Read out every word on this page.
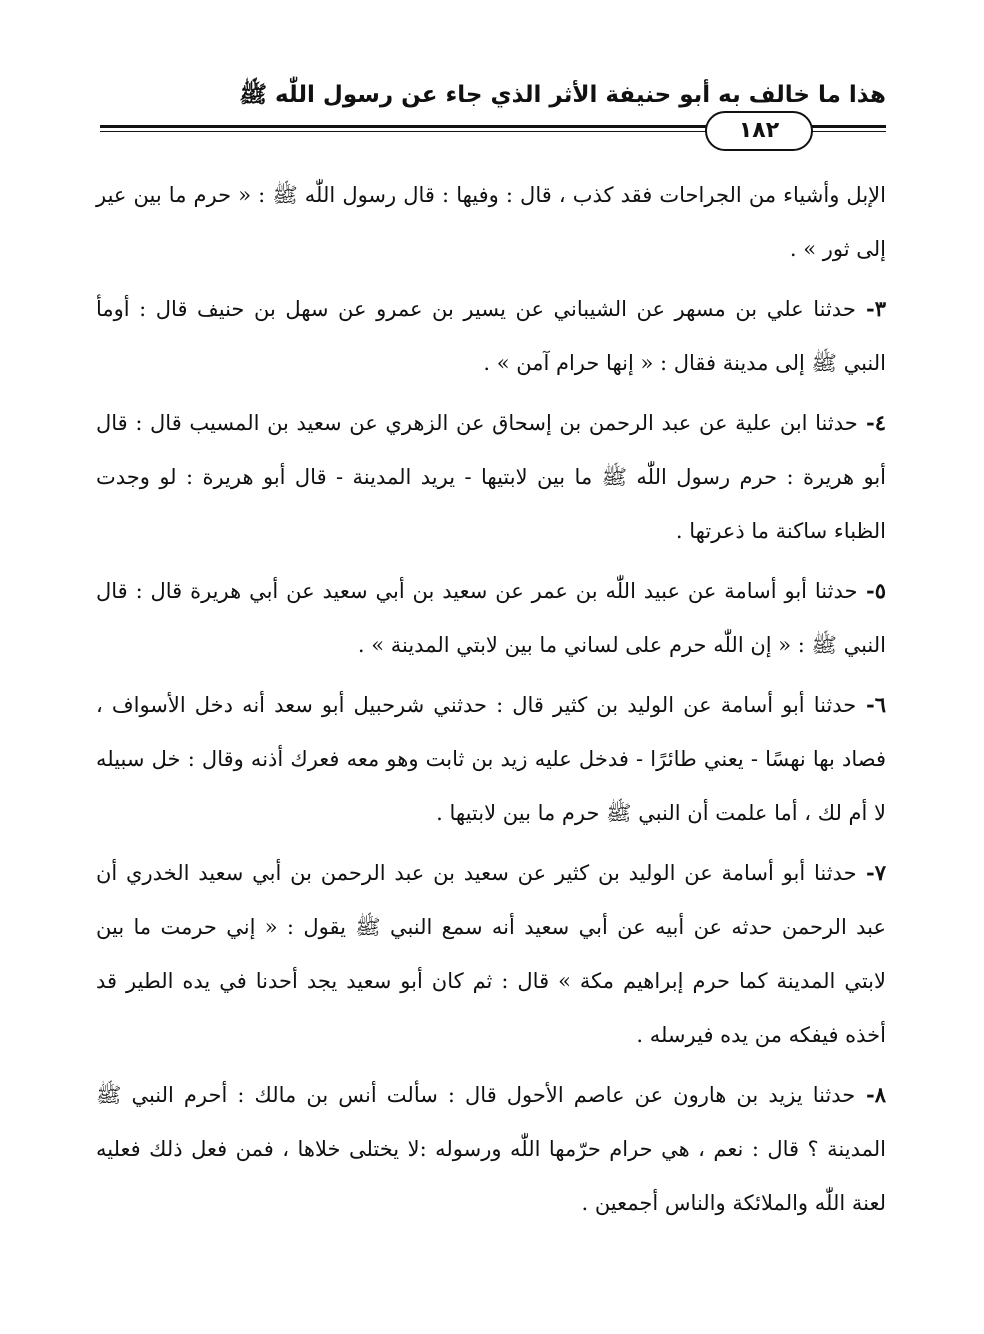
هذا ما خالف به أبو حنيفة الأثر الذي جاء عن رسول اللّٰه ﷺ
١٨٢

الإبل وأشياء من الجراحات فقد كذب ، قال : وفيها : قال رسول اللّٰه ﷺ : « حرم ما بين عير إلى ثور » .

٣- حدثنا علي بن مسهر عن الشيباني عن يسير بن عمرو عن سهل بن حنيف قال : أومأ النبي ﷺ إلى مدينة فقال : « إنها حرام آمن » .

٤- حدثنا ابن علية عن عبد الرحمن بن إسحاق عن الزهري عن سعيد بن المسيب قال : قال أبو هريرة : حرم رسول اللّٰه ﷺ ما بين لابتيها - يريد المدينة - قال أبو هريرة : لو وجدت الظباء ساكنة ما ذعرتها .

٥- حدثنا أبو أسامة عن عبيد اللّٰه بن عمر عن سعيد بن أبي سعيد عن أبي هريرة قال : قال النبي ﷺ : « إن اللّٰه حرم على لساني ما بين لابتي المدينة » .

٦- حدثنا أبو أسامة عن الوليد بن كثير قال : حدثني شرحبيل أبو سعد أنه دخل الأسواف ، فصاد بها نهسًا - يعني طائرًا - فدخل عليه زيد بن ثابت وهو معه فعرك أذنه وقال : خل سبيله لا أم لك ، أما علمت أن النبي ﷺ حرم ما بين لابتيها .

٧- حدثنا أبو أسامة عن الوليد بن كثير عن سعيد بن عبد الرحمن بن أبي سعيد الخدري أن عبد الرحمن حدثه عن أبيه عن أبي سعيد أنه سمع النبي ﷺ يقول : « إني حرمت ما بين لابتي المدينة كما حرم إبراهيم مكة » قال : ثم كان أبو سعيد يجد أحدنا في يده الطير قد أخذه فيفكه من يده فيرسله .

٨- حدثنا يزيد بن هارون عن عاصم الأحول قال : سألت أنس بن مالك : أحرم النبي ﷺ المدينة ؟ قال : نعم ، هي حرام حرّمها اللّٰه ورسوله :لا يختلى خلاها ، فمن فعل ذلك فعليه لعنة اللّٰه والملائكة والناس أجمعين .
